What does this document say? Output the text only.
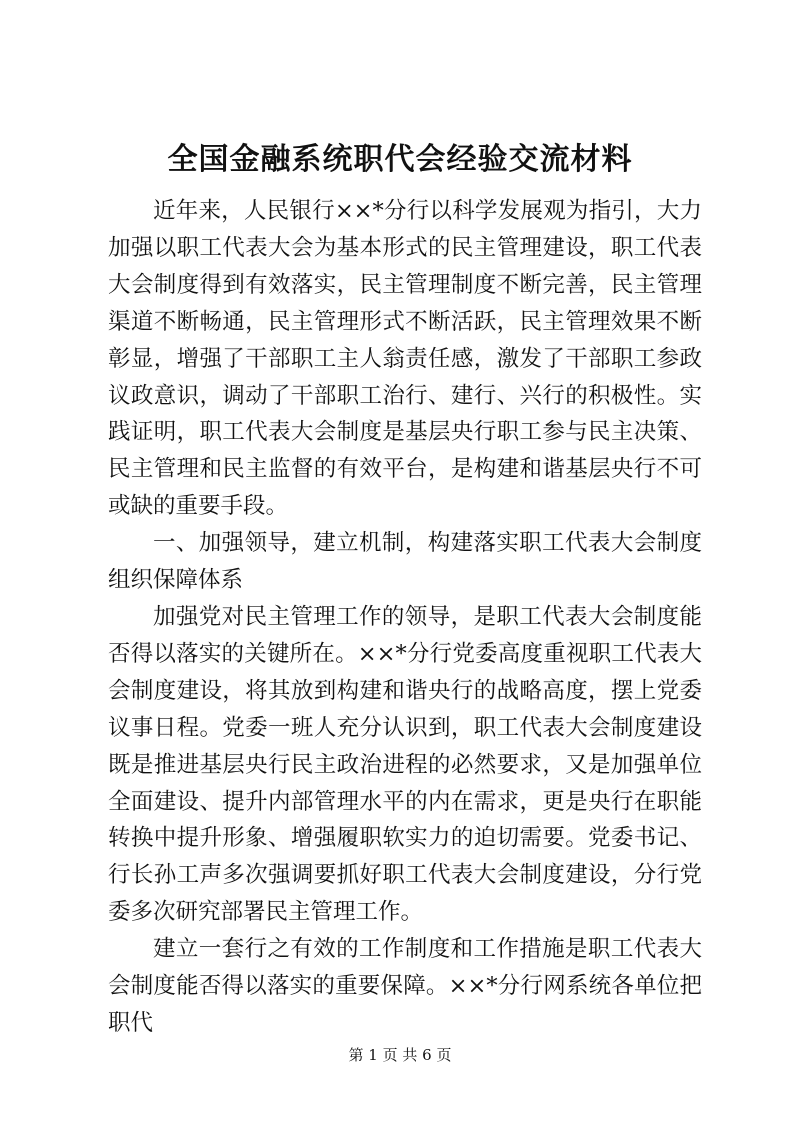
全国金融系统职代会经验交流材料

近年来，人民银行××*分行以科学发展观为指引，大力加强以职工代表大会为基本形式的民主管理建设，职工代表大会制度得到有效落实，民主管理制度不断完善，民主管理渠道不断畅通，民主管理形式不断活跃，民主管理效果不断彰显，增强了干部职工主人翁责任感，激发了干部职工参政议政意识，调动了干部职工治行、建行、兴行的积极性。实践证明，职工代表大会制度是基层央行职工参与民主决策、民主管理和民主监督的有效平台，是构建和谐基层央行不可或缺的重要手段。

一、加强领导，建立机制，构建落实职工代表大会制度组织保障体系

加强党对民主管理工作的领导，是职工代表大会制度能否得以落实的关键所在。××*分行党委高度重视职工代表大会制度建设，将其放到构建和谐央行的战略高度，摆上党委议事日程。党委一班人充分认识到，职工代表大会制度建设既是推进基层央行民主政治进程的必然要求，又是加强单位全面建设、提升内部管理水平的内在需求，更是央行在职能转换中提升形象、增强履职软实力的迫切需要。党委书记、行长孙工声多次强调要抓好职工代表大会制度建设，分行党委多次研究部署民主管理工作。

建立一套行之有效的工作制度和工作措施是职工代表大会制度能否得以落实的重要保障。××*分行网系统各单位把职代

第 1 页 共 6 页
